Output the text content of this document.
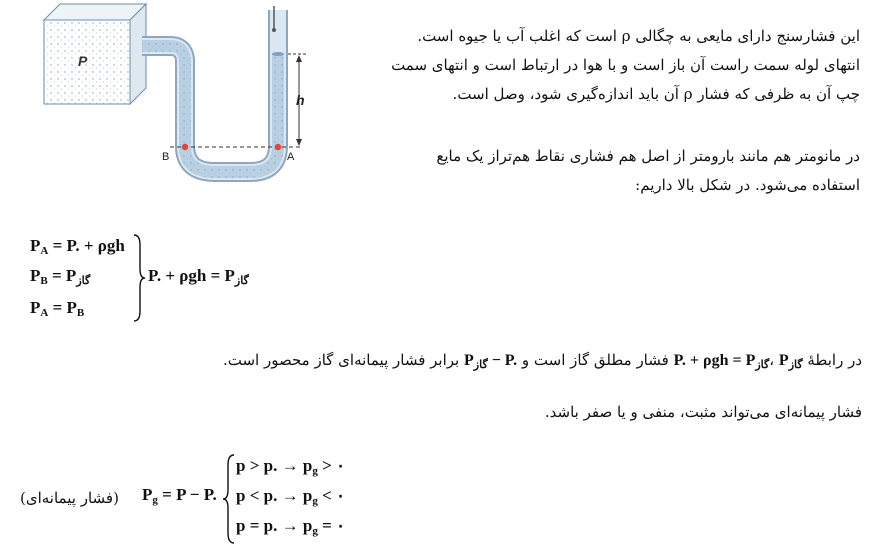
P
h
B	A
این فشارسنج دارای مایعی به چگالی ρ است که اغلب آب یا جیوه است.
انتهای لوله سمت راست آن باز است و با هوا در ارتباط است و انتهای سمت
چپ آن به ظرفی که فشار ρ آن باید اندازه‌گیری شود، وصل است.
در مانومتر هم مانند بارومتر از اصل هم فشاری نقاط هم‌تراز یک مایع
استفاده می‌شود. در شکل بالا داریم:
$P_A = P$. + ρgh
$P_B = P_{گاز}$
$P_A = P_B$
P. + $\rho gh = P_{گاز}$
در رابطهٔ P. + $\rho gh = P_{گاز}،$ $P_{گاز}$ فشار مطلق گاز است و $P_{گاز} - P$. برابر فشار پیمانه‌ای گاز محصور است.
فشار پیمانه‌ای می‌تواند مثبت، منفی و یا صفر باشد.
(فشار پیمانه‌ای)	$P_g = P - P$.
p > p. → $p_g$ > ۰
p < p. → $p_g$ < ۰
p = p. → $p_g$ = ۰
